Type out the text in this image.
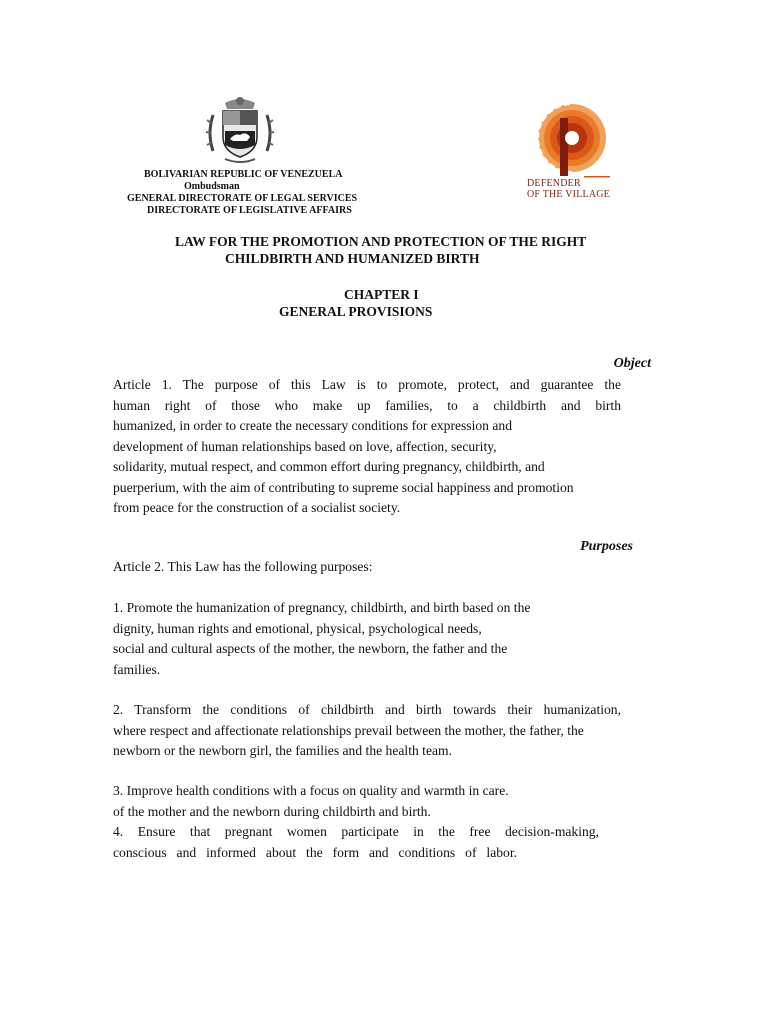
BOLIVARIAN REPUBLIC OF VENEZUELA
Ombudsman
GENERAL DIRECTORATE OF LEGAL SERVICES
DIRECTORATE OF LEGISLATIVE AFFAIRS
DEFENDER
OF THE VILLAGE
LAW FOR THE PROMOTION AND PROTECTION OF THE RIGHT
CHILDBIRTH AND HUMANIZED BIRTH
CHAPTER I
GENERAL PROVISIONS
Object
Article 1. The purpose of this Law is to promote, protect, and guarantee the
human right of those who make up families, to a childbirth and birth
humanized, in order to create the necessary conditions for expression and
development of human relationships based on love, affection, security,
solidarity, mutual respect, and common effort during pregnancy, childbirth, and
puerperium, with the aim of contributing to supreme social happiness and promotion
from peace for the construction of a socialist society.
Purposes
Article 2. This Law has the following purposes:
1. Promote the humanization of pregnancy, childbirth, and birth based on the
dignity, human rights and emotional, physical, psychological needs,
social and cultural aspects of the mother, the newborn, the father and the
families.
2. Transform the conditions of childbirth and birth towards their humanization,
where respect and affectionate relationships prevail between the mother, the father, the
newborn or the newborn girl, the families and the health team.
3. Improve health conditions with a focus on quality and warmth in care.
of the mother and the newborn during childbirth and birth.
4. Ensure that pregnant women participate in the free decision-making,
conscious and informed about the form and conditions of labor.
